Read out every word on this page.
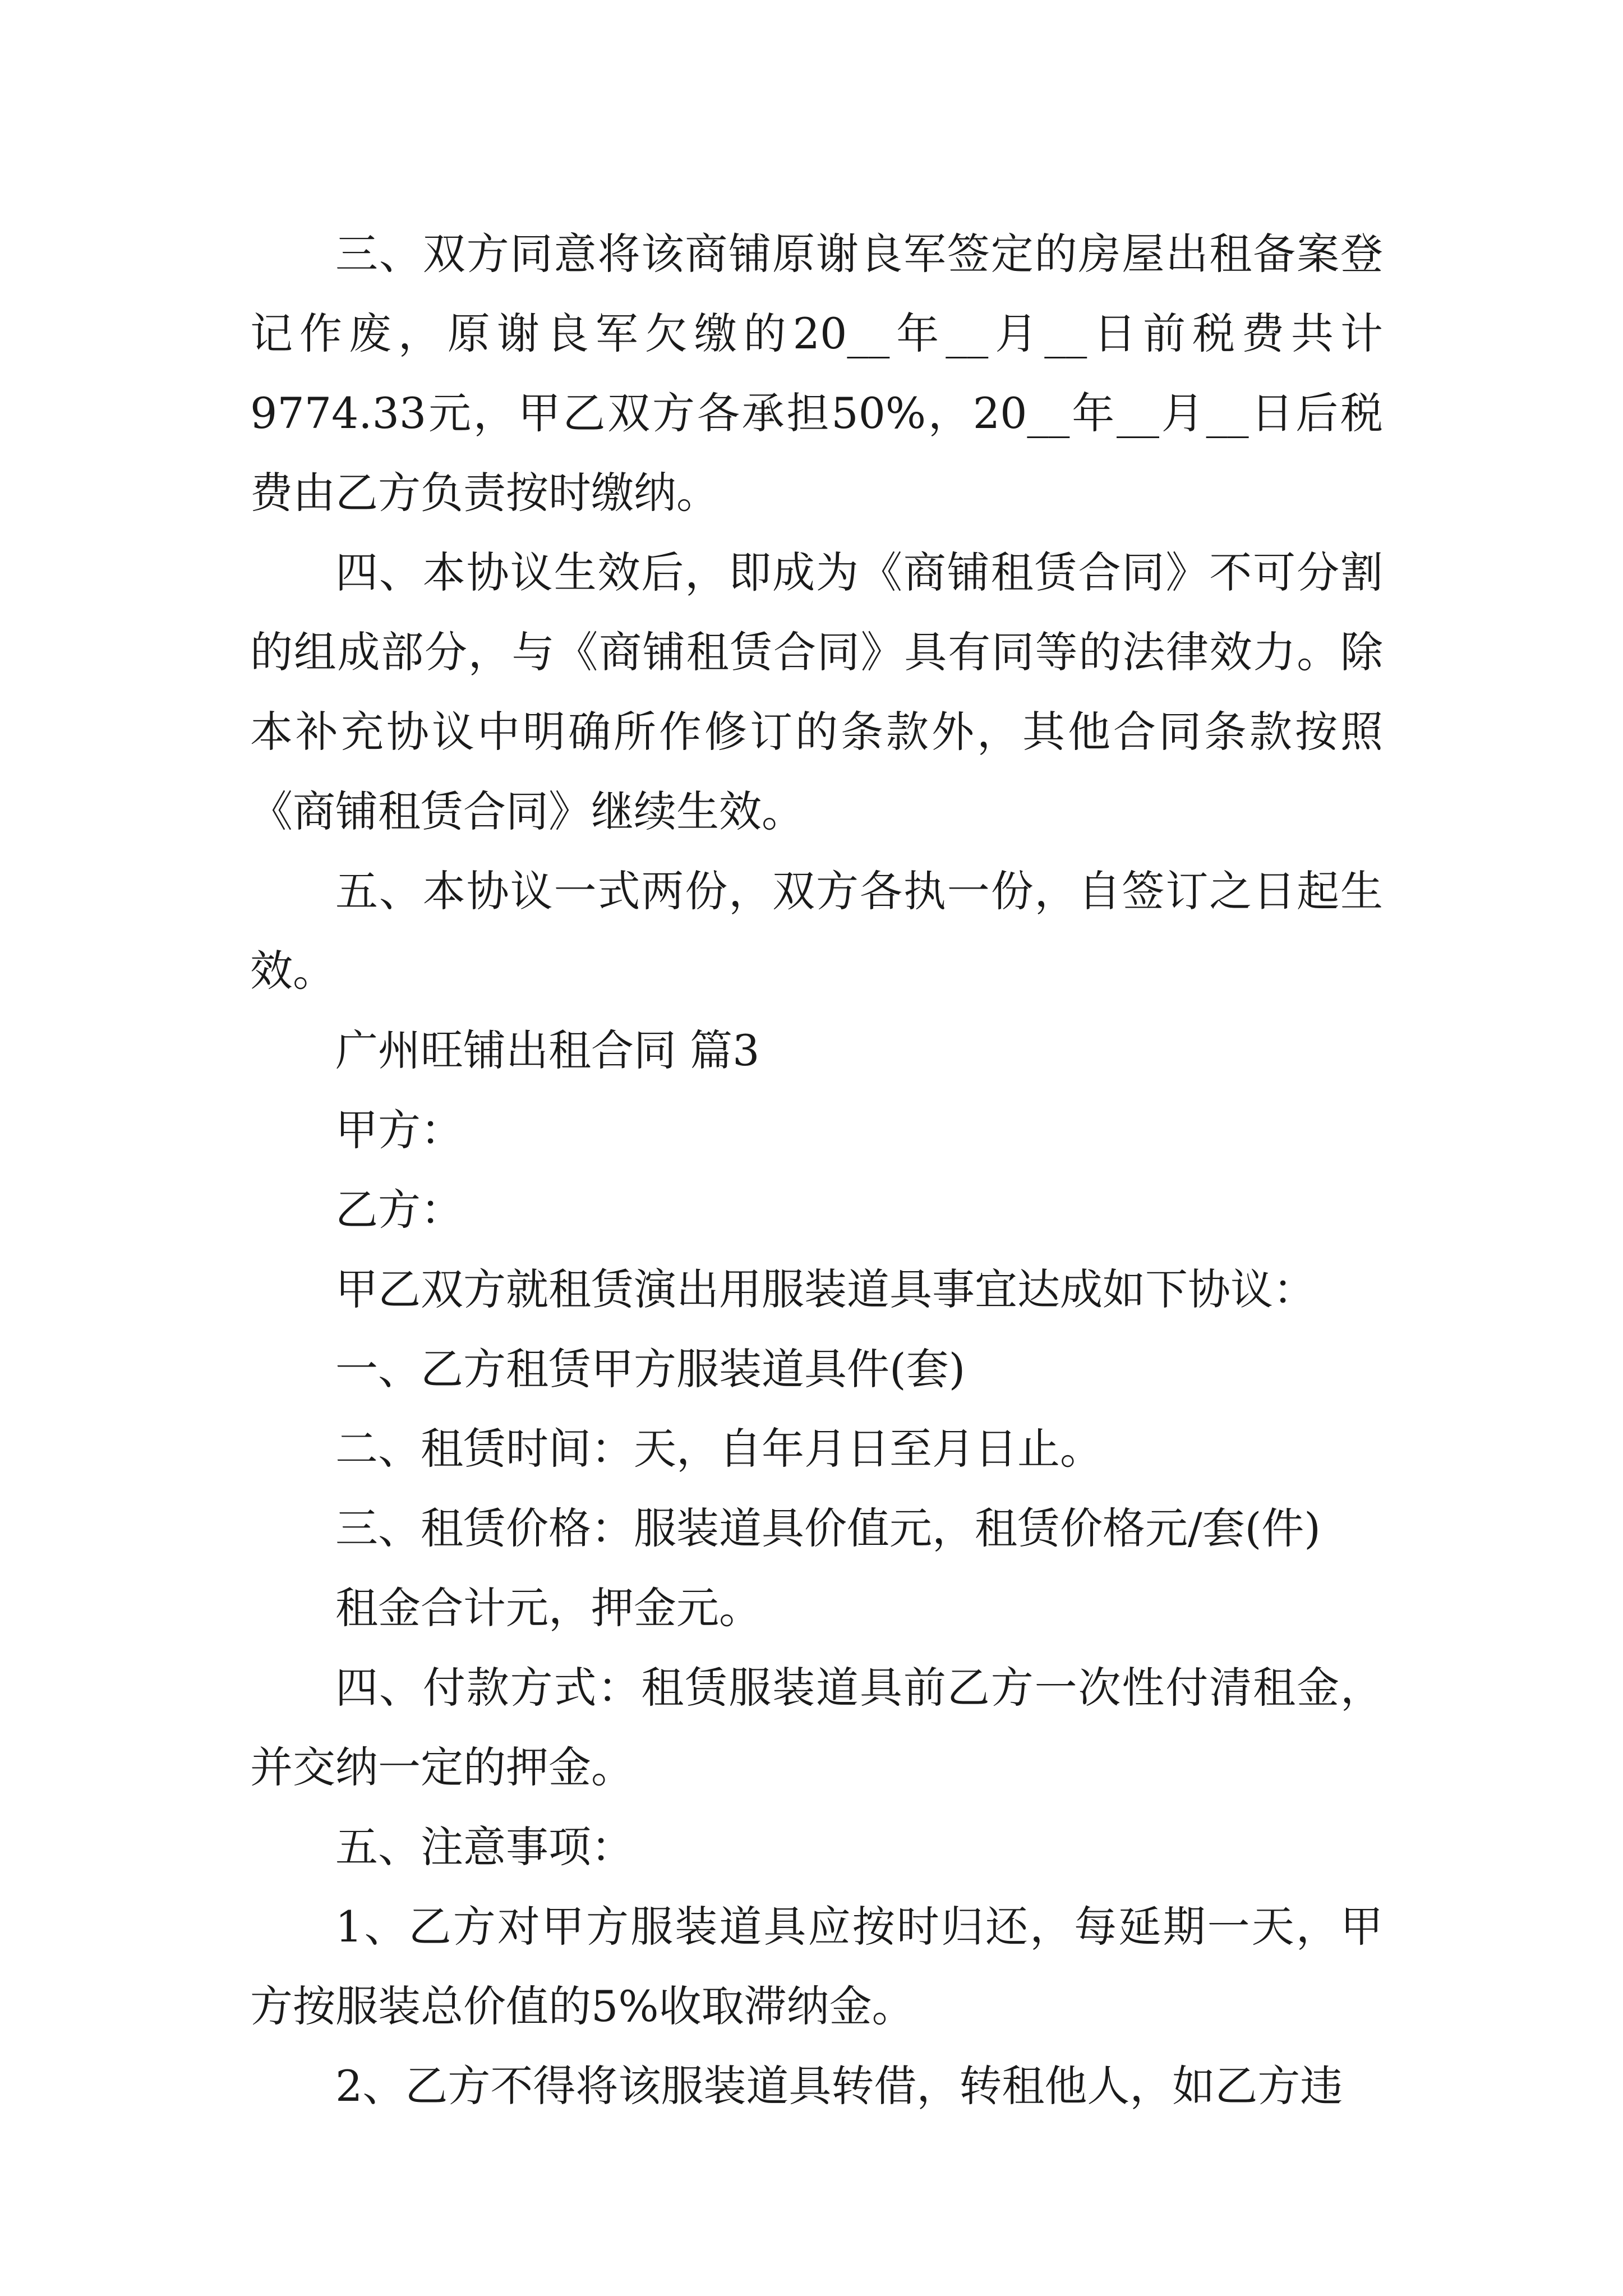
三、双方同意将该商铺原谢良军签定的房屋出租备案登记作废，原谢良军欠缴的20__年__月__日前税费共计9774.33元，甲乙双方各承担50%，20__年__月__日后税费由乙方负责按时缴纳。

四、本协议生效后，即成为《商铺租赁合同》不可分割的组成部分，与《商铺租赁合同》具有同等的法律效力。除本补充协议中明确所作修订的条款外，其他合同条款按照《商铺租赁合同》继续生效。

五、本协议一式两份，双方各执一份，自签订之日起生效。

广州旺铺出租合同 篇3

甲方：

乙方：

甲乙双方就租赁演出用服装道具事宜达成如下协议：

一、乙方租赁甲方服装道具件(套)

二、租赁时间：天，自年月日至月日止。

三、租赁价格：服装道具价值元，租赁价格元/套(件)

租金合计元，押金元。

四、付款方式：租赁服装道具前乙方一次性付清租金，并交纳一定的押金。

五、注意事项：

1、乙方对甲方服装道具应按时归还，每延期一天，甲方按服装总价值的5%收取滞纳金。

2、乙方不得将该服装道具转借，转租他人，如乙方违
